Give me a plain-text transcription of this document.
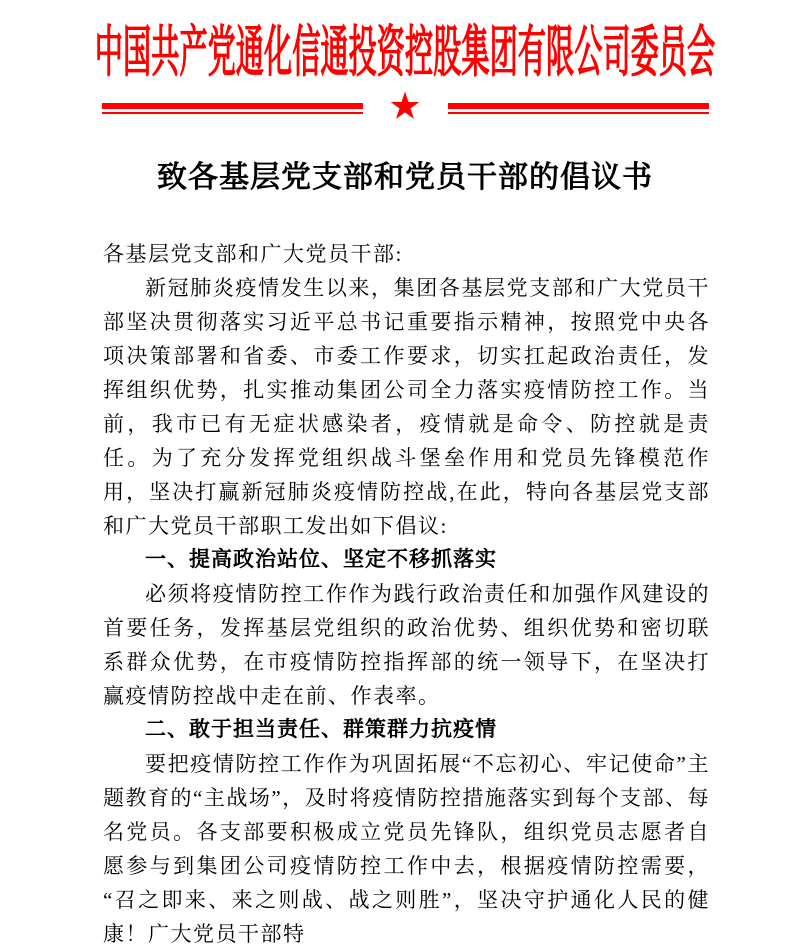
中国共产党通化信通投资控股集团有限公司委员会
★
致各基层党支部和党员干部的倡议书

各基层党支部和广大党员干部:

新冠肺炎疫情发生以来，集团各基层党支部和广大党员干部坚决贯彻落实习近平总书记重要指示精神，按照党中央各项决策部署和省委、市委工作要求，切实扛起政治责任，发挥组织优势，扎实推动集团公司全力落实疫情防控工作。当前，我市已有无症状感染者，疫情就是命令、防控就是责任。为了充分发挥党组织战斗堡垒作用和党员先锋模范作用，坚决打赢新冠肺炎疫情防控战,在此，特向各基层党支部和广大党员干部职工发出如下倡议:

一、提高政治站位、坚定不移抓落实

必须将疫情防控工作作为践行政治责任和加强作风建设的首要任务，发挥基层党组织的政治优势、组织优势和密切联系群众优势，在市疫情防控指挥部的统一领导下，在坚决打赢疫情防控战中走在前、作表率。

二、敢于担当责任、群策群力抗疫情

要把疫情防控工作作为巩固拓展“不忘初心、牢记使命”主题教育的“主战场”，及时将疫情防控措施落实到每个支部、每名党员。各支部要积极成立党员先锋队，组织党员志愿者自愿参与到集团公司疫情防控工作中去，根据疫情防控需要，“召之即来、来之则战、战之则胜”，坚决守护通化人民的健康！广大党员干部特
